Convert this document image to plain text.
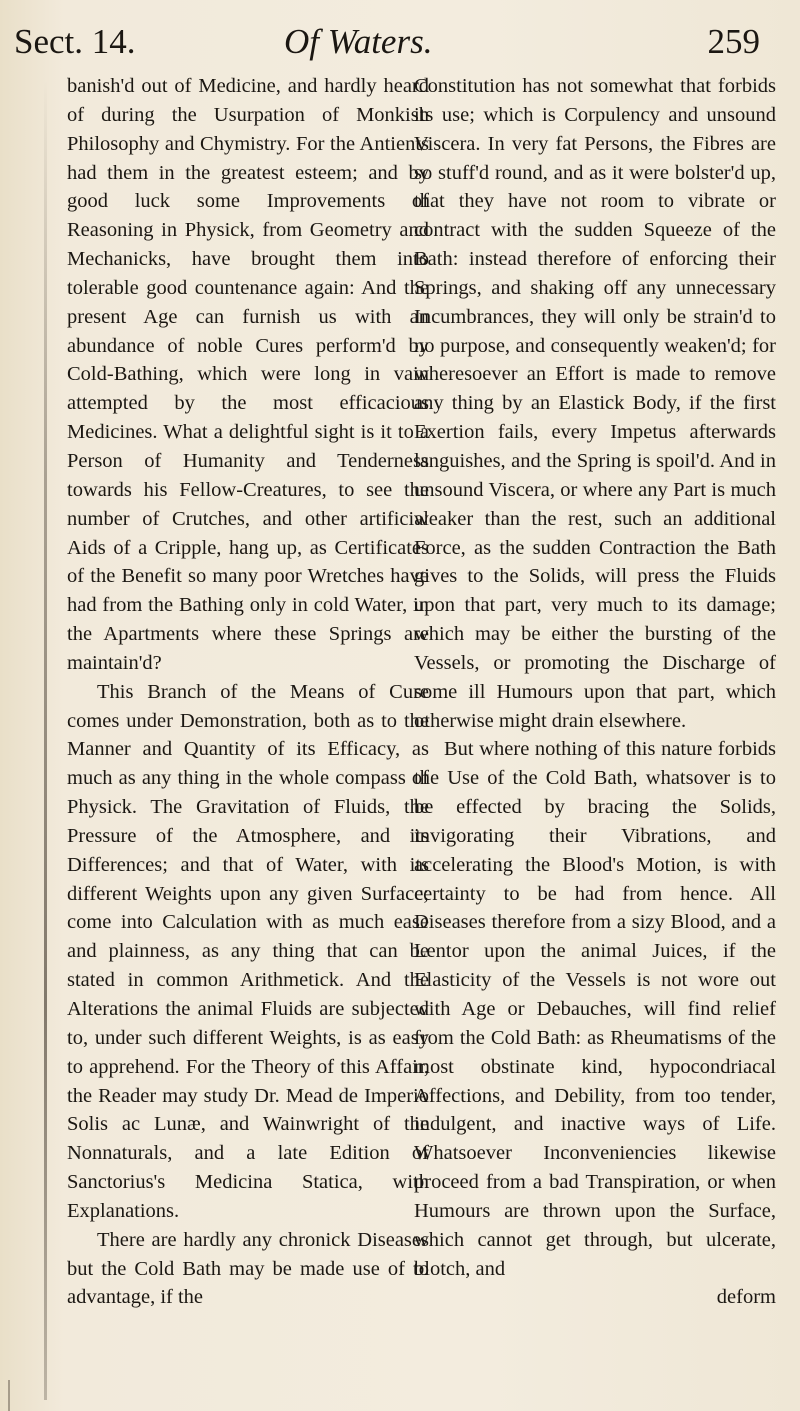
Sect. 14.	Of Waters.	259

banish'd out of Medicine, and hardly heard of during the Usurpation of Monkish Philosophy and Chymistry. For the Antients had them in the greatest esteem; and by good luck some Improvements of Reasoning in Physick, from Geometry and Mechanicks, have brought them into tolerable good countenance again: And the present Age can furnish us with an abundance of noble Cures perform'd by Cold-Bathing, which were long in vain attempted by the most efficacious Medicines. What a delightful sight is it to a Person of Humanity and Tenderness towards his Fellow-Creatures, to see the number of Crutches, and other artificial Aids of a Cripple, hang up, as Certificates of the Benefit so many poor Wretches have had from the Bathing only in cold Water, in the Apartments where these Springs are maintain'd?

This Branch of the Means of Cure comes under Demonstration, both as to the Manner and Quantity of its Efficacy, as much as any thing in the whole compass of Physick. The Gravitation of Fluids, the Pressure of the Atmosphere, and its Differences; and that of Water, with its different Weights upon any given Surface; come into Calculation with as much ease and plainness, as any thing that can be stated in common Arithmetick. And the Alterations the animal Fluids are subjected to, under such different Weights, is as easy to apprehend. For the Theory of this Affair, the Reader may study Dr. Mead de Imperio Solis ac Lunæ, and Wainwright of the Nonnaturals, and a late Edition of Sanctorius's Medicina Statica, with Explanations.

There are hardly any chronick Diseases but the Cold Bath may be made use of to advantage, if the

Constitution has not somewhat that forbids its use; which is Corpulency and unsound Viscera. In very fat Persons, the Fibres are so stuff'd round, and as it were bolster'd up, that they have not room to vibrate or contract with the sudden Squeeze of the Bath: instead therefore of enforcing their Springs, and shaking off any unnecessary Incumbrances, they will only be strain'd to no purpose, and consequently weaken'd; for wheresoever an Effort is made to remove any thing by an Elastick Body, if the first Exertion fails, every Impetus afterwards languishes, and the Spring is spoil'd. And in unsound Viscera, or where any Part is much weaker than the rest, such an additional Force, as the sudden Contraction the Bath gives to the Solids, will press the Fluids upon that part, very much to its damage; which may be either the bursting of the Vessels, or promoting the Discharge of some ill Humours upon that part, which otherwise might drain elsewhere.

But where nothing of this nature forbids the Use of the Cold Bath, whatsover is to be effected by bracing the Solids, invigorating their Vibrations, and accelerating the Blood's Motion, is with certainty to be had from hence. All Diseases therefore from a sizy Blood, and a Lentor upon the animal Juices, if the Elasticity of the Vessels is not wore out with Age or Debauches, will find relief from the Cold Bath: as Rheumatisms of the most obstinate kind, hypocondriacal Affections, and Debility, from too tender, indulgent, and inactive ways of Life. Whatsoever Inconveniencies likewise proceed from a bad Transpiration, or when Humours are thrown upon the Surface, which cannot get through, but ulcerate, blotch, and

deform
